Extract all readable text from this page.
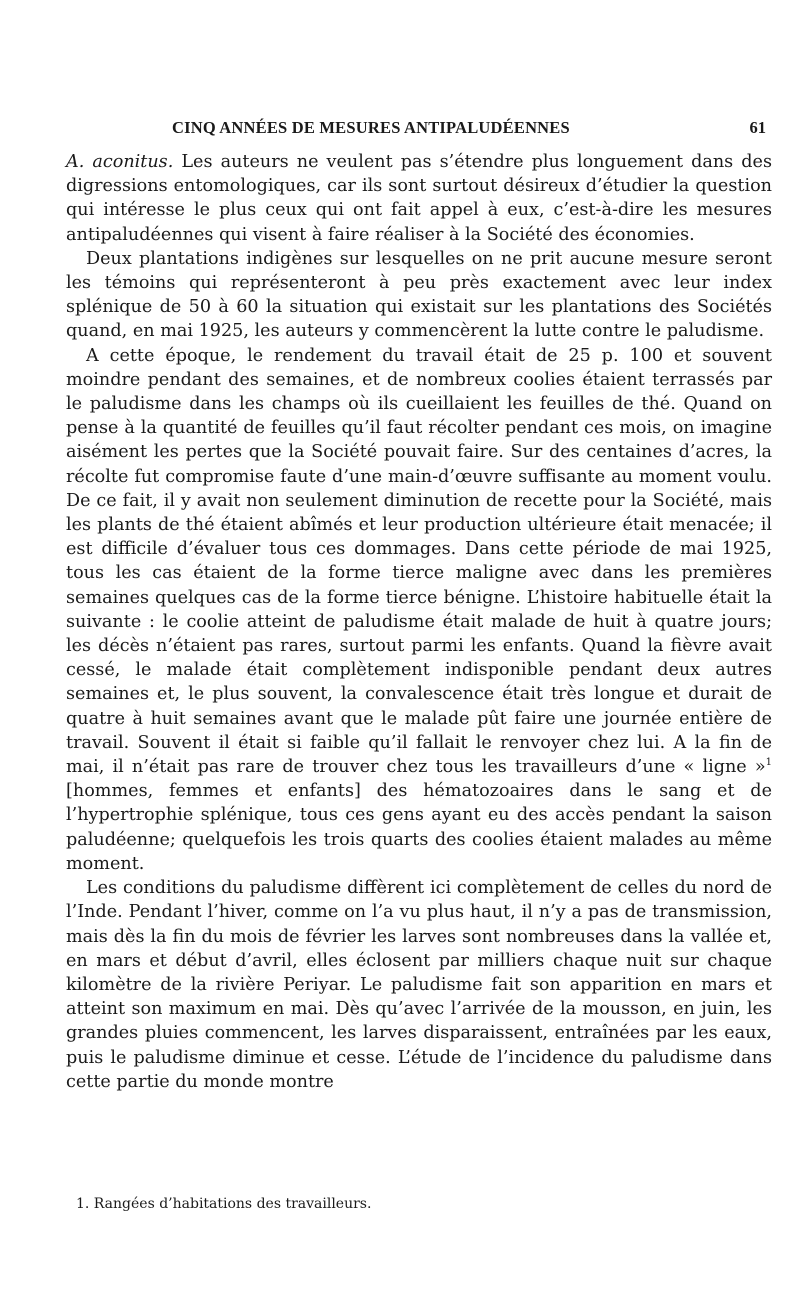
CINQ ANNÉES DE MESURES ANTIPALUDÉENNES	61

A. aconitus. Les auteurs ne veulent pas s’étendre plus longuement dans des digressions entomologiques, car ils sont surtout désireux d’étudier la question qui intéresse le plus ceux qui ont fait appel à eux, c’est-à-dire les mesures antipaludéennes qui visent à faire réaliser à la Société des économies.

Deux plantations indigènes sur lesquelles on ne prit aucune mesure seront les témoins qui représenteront à peu près exactement avec leur index splénique de 50 à 60 la situation qui existait sur les plantations des Sociétés quand, en mai 1925, les auteurs y commencèrent la lutte contre le paludisme.

A cette époque, le rendement du travail était de 25 p. 100 et souvent moindre pendant des semaines, et de nombreux coolies étaient terrassés par le paludisme dans les champs où ils cueillaient les feuilles de thé. Quand on pense à la quantité de feuilles qu’il faut récolter pendant ces mois, on imagine aisément les pertes que la Société pouvait faire. Sur des centaines d’acres, la récolte fut compromise faute d’une main-d’œuvre suffisante au moment voulu. De ce fait, il y avait non seulement diminution de recette pour la Société, mais les plants de thé étaient abîmés et leur production ultérieure était menacée; il est difficile d’évaluer tous ces dommages. Dans cette période de mai 1925, tous les cas étaient de la forme tierce maligne avec dans les premières semaines quelques cas de la forme tierce bénigne. L’histoire habituelle était la suivante : le coolie atteint de paludisme était malade de huit à quatre jours; les décès n’étaient pas rares, surtout parmi les enfants. Quand la fièvre avait cessé, le malade était complètement indisponible pendant deux autres semaines et, le plus souvent, la convalescence était très longue et durait de quatre à huit semaines avant que le malade pût faire une journée entière de travail. Souvent il était si faible qu’il fallait le renvoyer chez lui. A la fin de mai, il n’était pas rare de trouver chez tous les travailleurs d’une « ligne »$^1$ [hommes, femmes et enfants] des hématozoaires dans le sang et de l’hypertrophie splénique, tous ces gens ayant eu des accès pendant la saison paludéenne; quelquefois les trois quarts des coolies étaient malades au même moment.

Les conditions du paludisme diffèrent ici complètement de celles du nord de l’Inde. Pendant l’hiver, comme on l’a vu plus haut, il n’y a pas de transmission, mais dès la fin du mois de février les larves sont nombreuses dans la vallée et, en mars et début d’avril, elles éclosent par milliers chaque nuit sur chaque kilomètre de la rivière Periyar. Le paludisme fait son apparition en mars et atteint son maximum en mai. Dès qu’avec l’arrivée de la mousson, en juin, les grandes pluies commencent, les larves disparaissent, entraînées par les eaux, puis le paludisme diminue et cesse. L’étude de l’incidence du paludisme dans cette partie du monde montre

1. Rangées d’habitations des travailleurs.
